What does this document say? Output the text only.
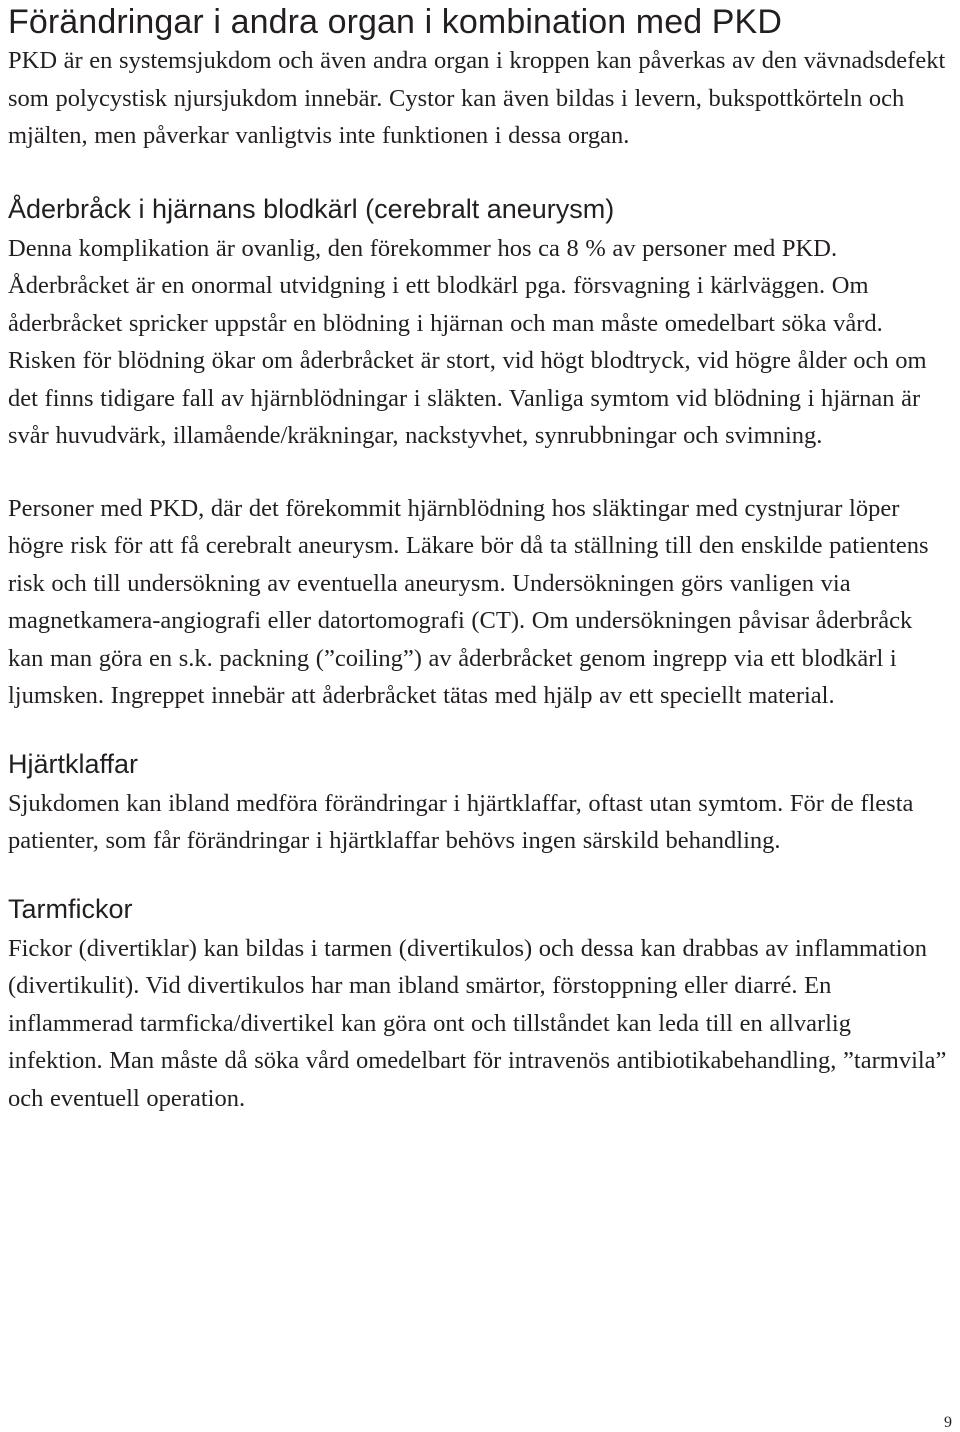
Förändringar i andra organ i kombination med PKD

PKD är en systemsjukdom och även andra organ i kroppen kan påverkas av den vävnadsdefekt som polycystisk njursjukdom innebär. Cystor kan även bildas i levern, bukspottkörteln och mjälten, men påverkar vanligtvis inte funktionen i dessa organ.

Åderbråck i hjärnans blodkärl (cerebralt aneurysm)

Denna komplikation är ovanlig, den förekommer hos ca 8 % av personer med PKD. Åderbråcket är en onormal utvidgning i ett blodkärl pga. försvagning i kärlväggen. Om åderbråcket spricker uppstår en blödning i hjärnan och man måste omedelbart söka vård. Risken för blödning ökar om åderbråcket är stort, vid högt blodtryck, vid högre ålder och om det finns tidigare fall av hjärnblödningar i släkten. Vanliga symtom vid blödning i hjärnan är svår huvudvärk, illamående/kräkningar, nackstyvhet, synrubbningar och svimning.

Personer med PKD, där det förekommit hjärnblödning hos släktingar med cystnjurar löper högre risk för att få cerebralt aneurysm. Läkare bör då ta ställning till den enskilde patientens risk och till undersökning av eventuella aneurysm. Undersökningen görs vanligen via magnetkamera-angiografi eller datortomografi (CT). Om undersökningen påvisar åderbråck kan man göra en s.k. packning (”coiling”) av åderbråcket genom ingrepp via ett blodkärl i ljumsken. Ingreppet innebär att åderbråcket tätas med hjälp av ett speciellt material.

Hjärtklaffar

Sjukdomen kan ibland medföra förändringar i hjärtklaffar, oftast utan symtom. För de flesta patienter, som får förändringar i hjärtklaffar behövs ingen särskild behandling.

Tarmfickor

Fickor (divertiklar) kan bildas i tarmen (divertikulos) och dessa kan drabbas av inflammation (divertikulit). Vid divertikulos har man ibland smärtor, förstoppning eller diarré. En inflammerad tarmficka/divertikel kan göra ont och tillståndet kan leda till en allvarlig infektion. Man måste då söka vård omedelbart för intravenös antibiotikabehandling, ”tarmvila” och eventuell operation.

9
